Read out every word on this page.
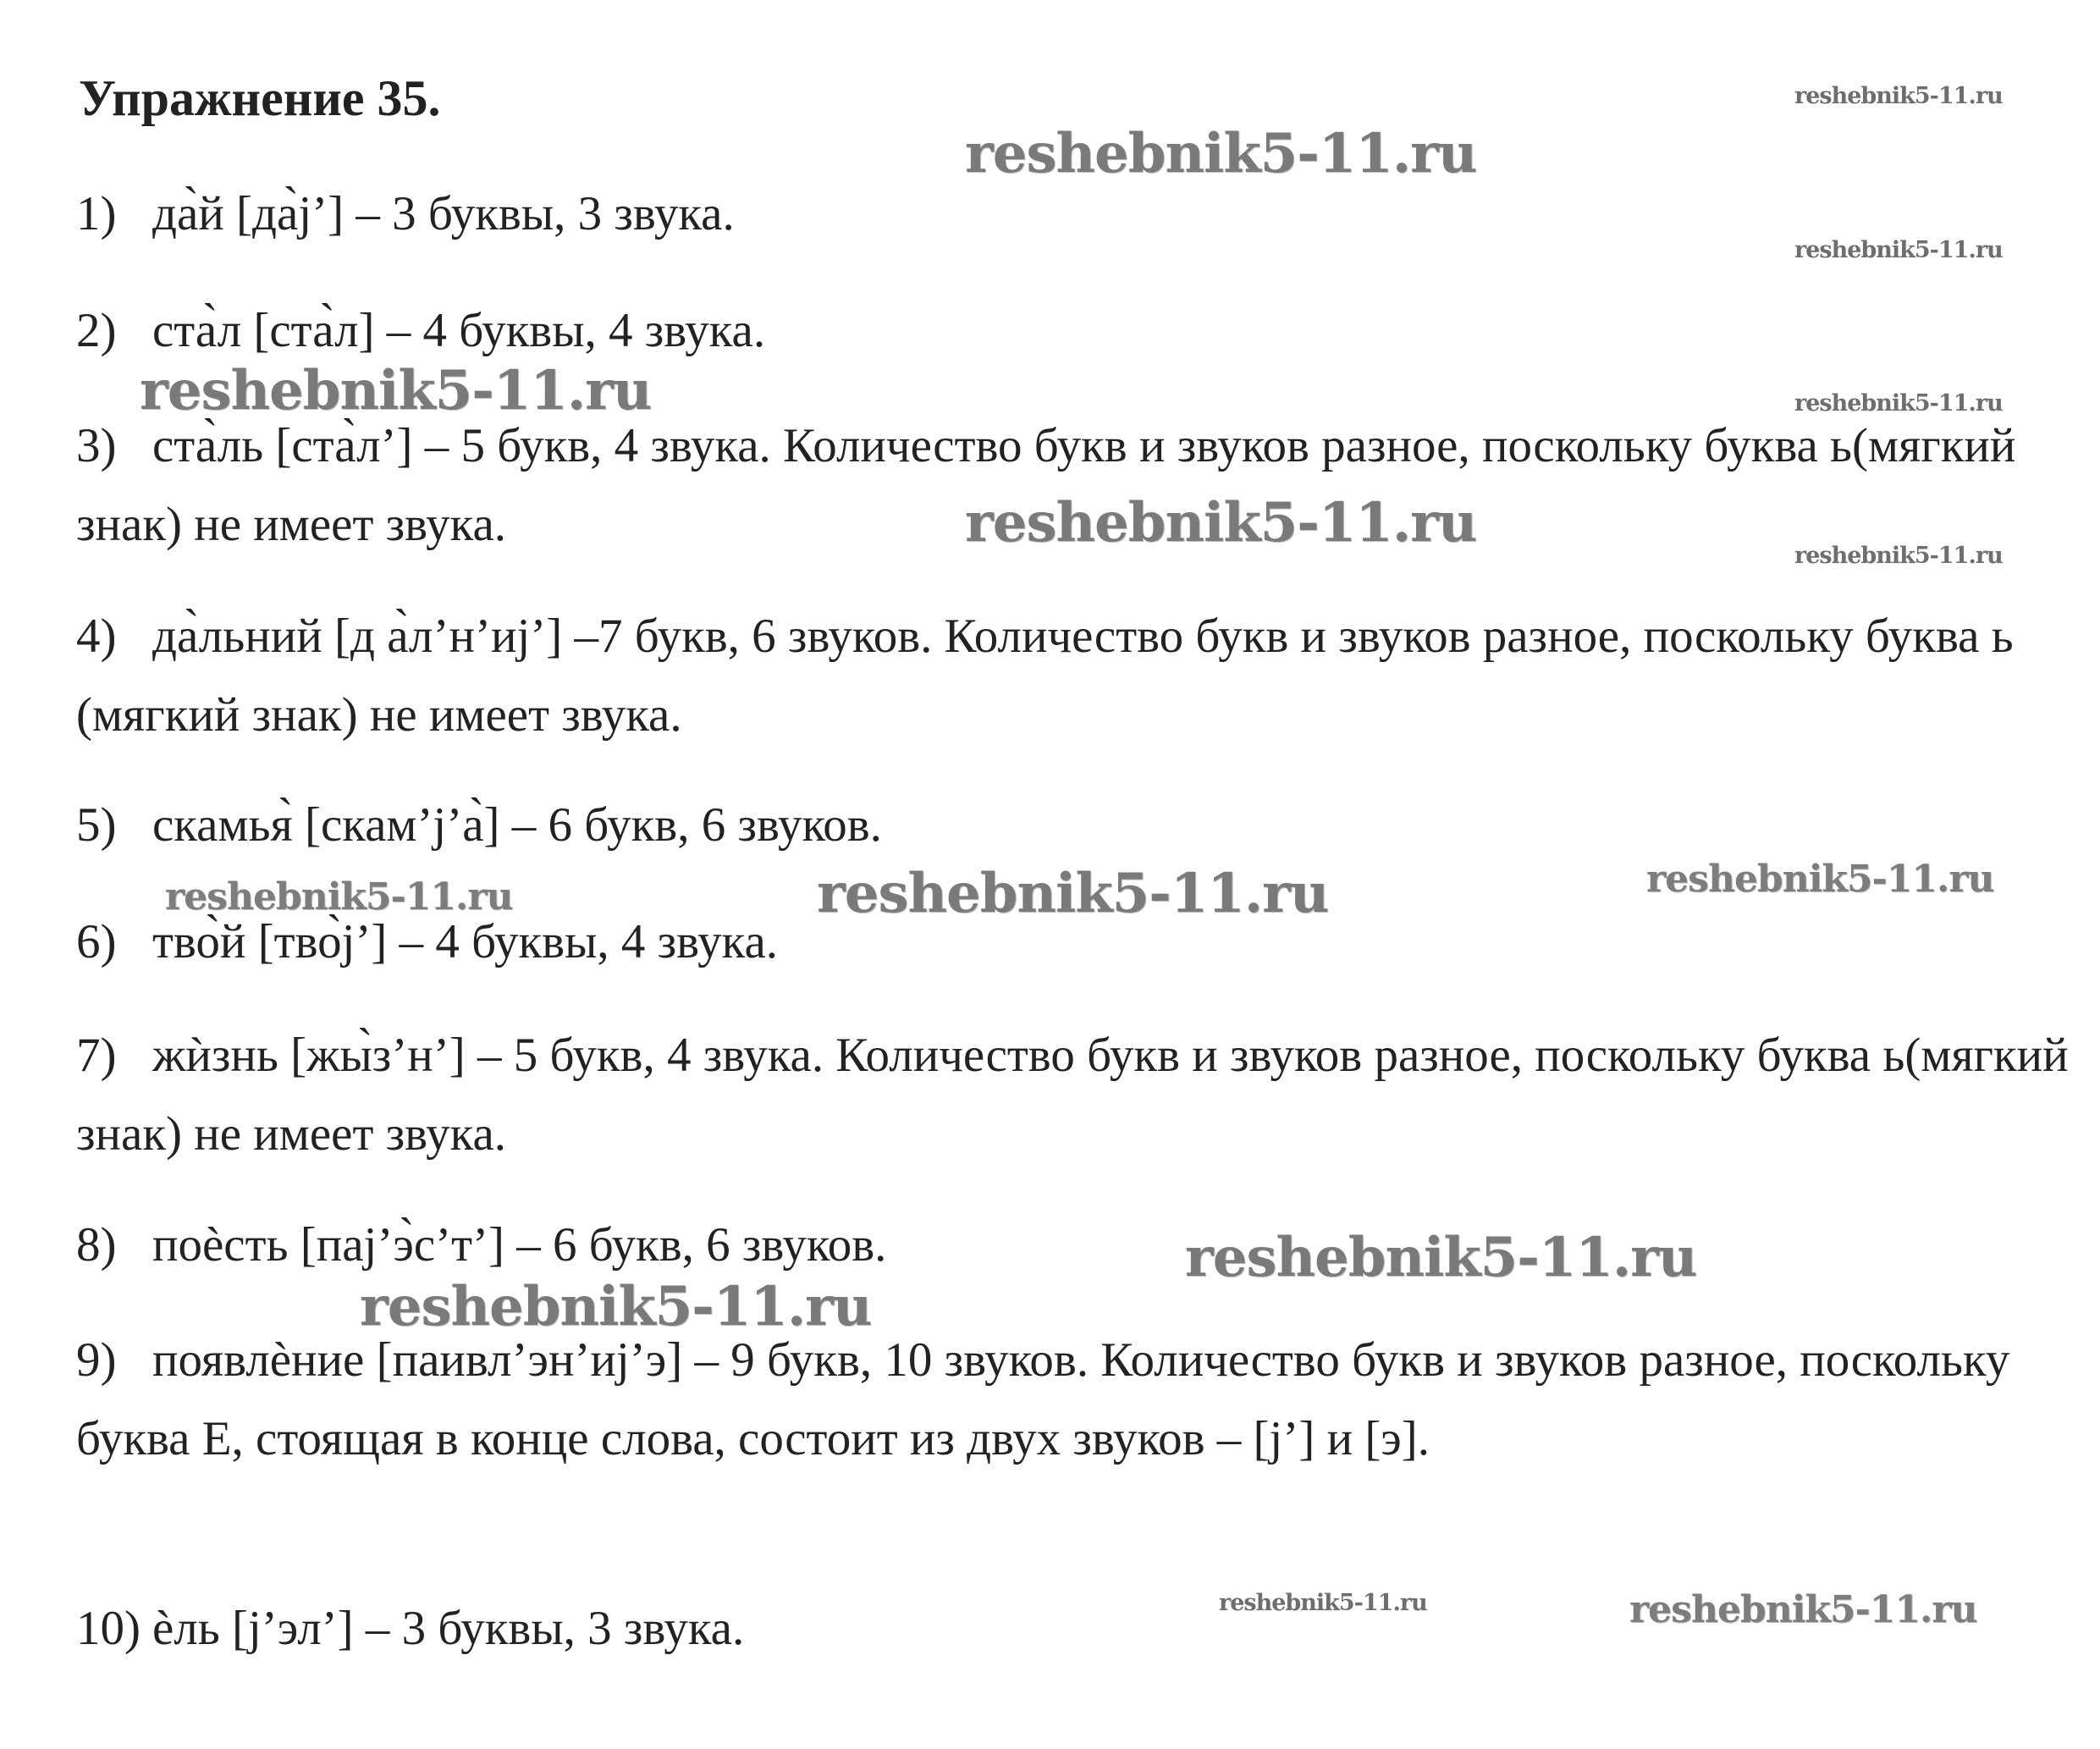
Упражнение 35.

1) да̀й [да̀j’] – 3 буквы, 3 звука.

2) ста̀л [ста̀л] – 4 буквы, 4 звука.

3) ста̀ль [ста̀л’] – 5 букв, 4 звука. Количество букв и звуков разное, поскольку буква ь(мягкий знак) не имеет звука.

4) да̀льний [д а̀л’н’иj’] –7 букв, 6 звуков. Количество букв и звуков разное, поскольку буква ь (мягкий знак) не имеет звука.

5) скамья̀ [скам’j’а̀] – 6 букв, 6 звуков.

6) тво̀й [тво̀j’] – 4 буквы, 4 звука.

7) жѝзнь [жы̀з’н’] – 5 букв, 4 звука. Количество букв и звуков разное, поскольку буква ь(мягкий знак) не имеет звука.

8) поѐсть [паj’э̀с’т’] – 6 букв, 6 звуков.

9) появлѐние [паивл’эн’иj’э] – 9 букв, 10 звуков. Количество букв и звуков разное, поскольку буква Е, стоящая в конце слова, состоит из двух звуков – [j’] и [э].

10) ѐль [j’эл’] – 3 буквы, 3 звука.

reshebnik5-11.ru
reshebnik5-11.ru
reshebnik5-11.ru
reshebnik5-11.ru	reshebnik5-11.ru
reshebnik5-11.ru
reshebnik5-11.ru
reshebnik5-11.ru	reshebnik5-11.ru	reshebnik5-11.ru
reshebnik5-11.ru
reshebnik5-11.ru
reshebnik5-11.ru	reshebnik5-11.ru
